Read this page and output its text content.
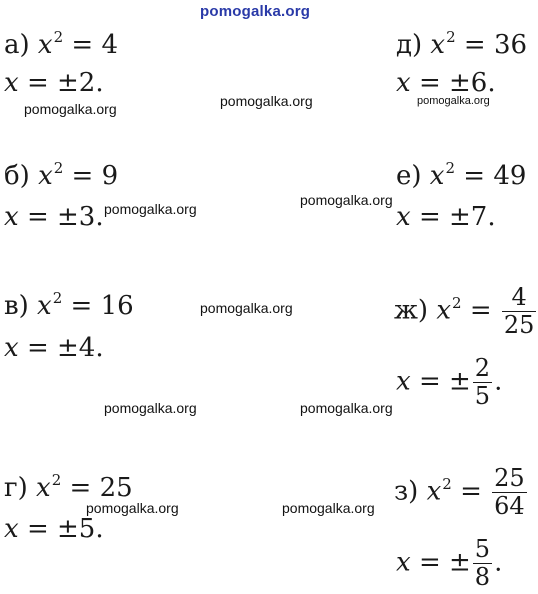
pomogalka.org
а) $x^2 = 4$
x = ±2.
д) $x^2 = 36$
x = ±6.
б) $x^2 = 9$
x = ±3.
е) $x^2 = 49$
x = ±7.
в) $x^2 = 16$
x = ±4.
ж) $x^2 = \frac{4}{25}$
x = ± $\frac{2}{5}$ .
г) $x^2 = 25$
x = ±5.
з) $x^2 = \frac{25}{64}$
x = ± $\frac{5}{8}$ .
pomogalka.org	pomogalka.org	pomogalka.org
pomogalka.org
pomogalka.org
pomogalka.org
pomogalka.org	pomogalka.org
pomogalka.org	pomogalka.org
